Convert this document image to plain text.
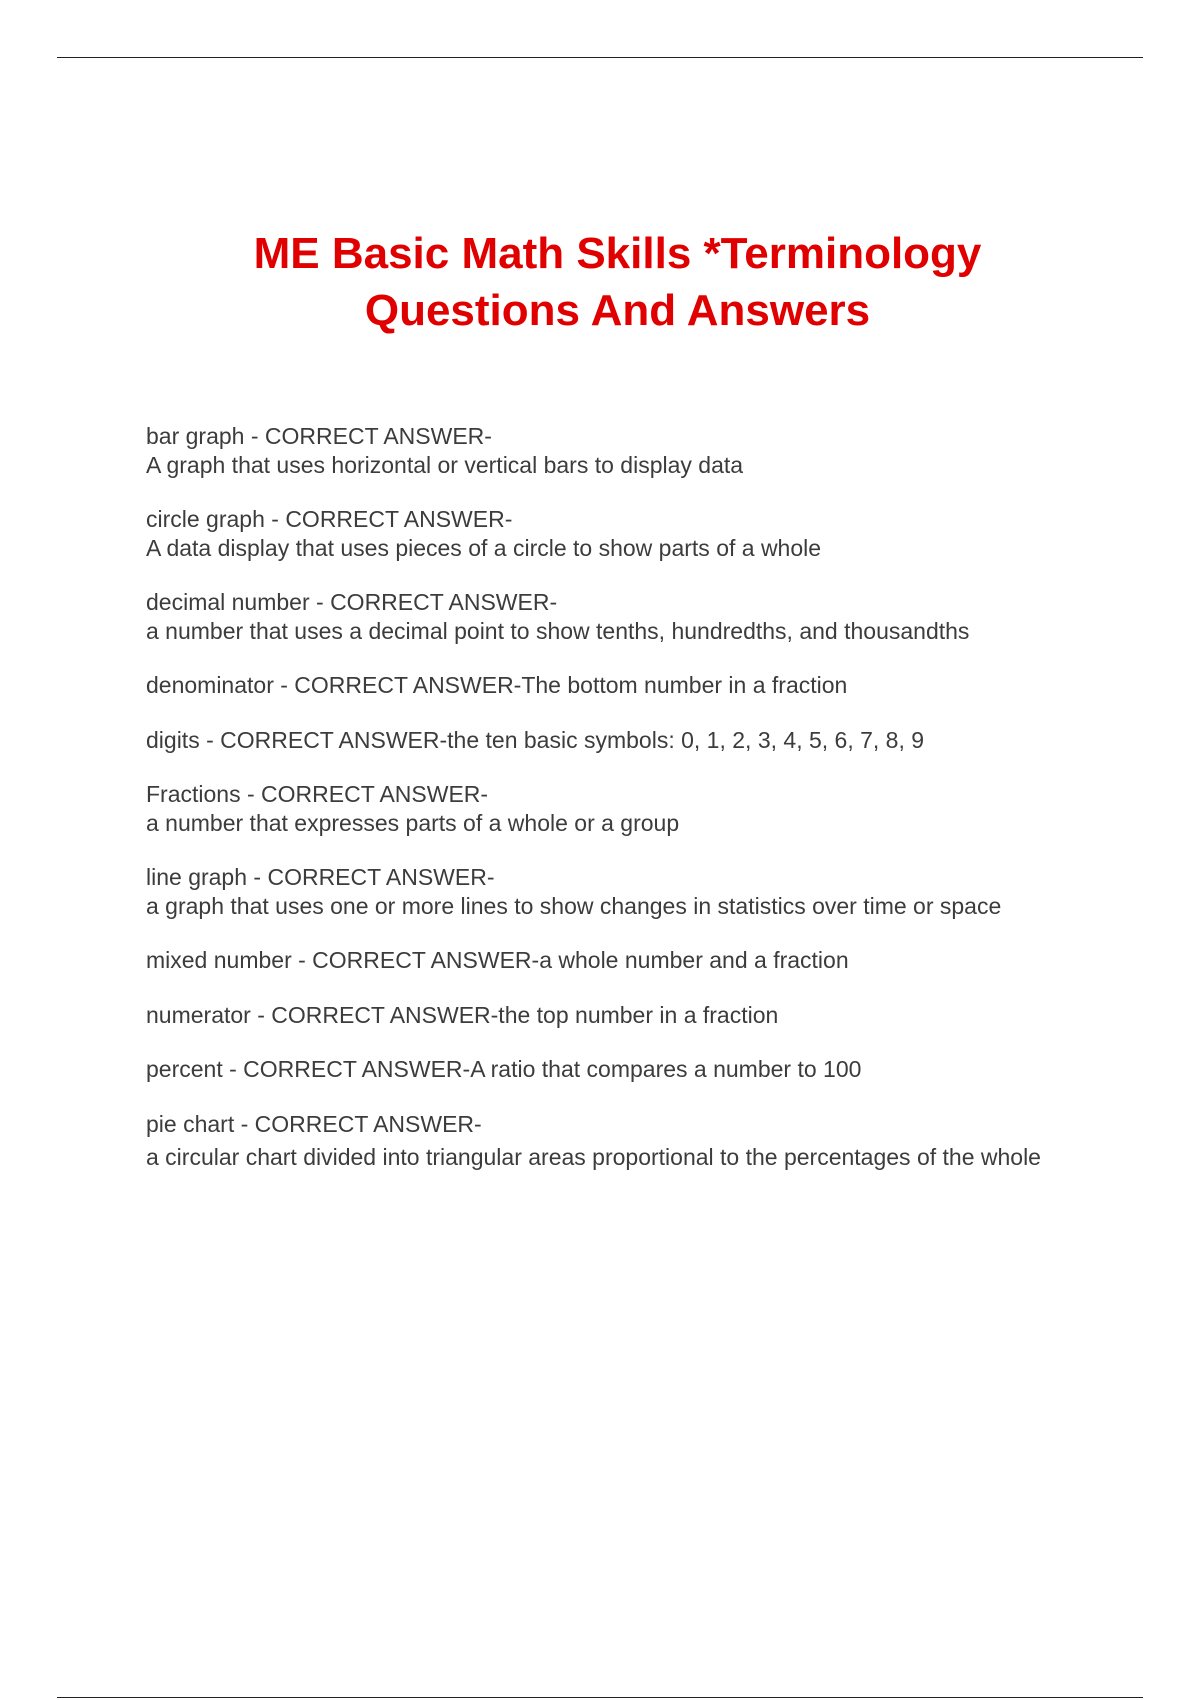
ME Basic Math Skills *Terminology
Questions And Answers
bar graph - CORRECT ANSWER-
A graph that uses horizontal or vertical bars to display data
circle graph - CORRECT ANSWER-
A data display that uses pieces of a circle to show parts of a whole
decimal number - CORRECT ANSWER-
a number that uses a decimal point to show tenths, hundredths, and thousandths
denominator - CORRECT ANSWER-The bottom number in a fraction
digits - CORRECT ANSWER-the ten basic symbols: 0, 1, 2, 3, 4, 5, 6, 7, 8, 9
Fractions - CORRECT ANSWER-
a number that expresses parts of a whole or a group
line graph - CORRECT ANSWER-
a graph that uses one or more lines to show changes in statistics over time or space
mixed number - CORRECT ANSWER-a whole number and a fraction
numerator - CORRECT ANSWER-the top number in a fraction
percent - CORRECT ANSWER-A ratio that compares a number to 100
pie chart - CORRECT ANSWER-
a circular chart divided into triangular areas proportional to the percentages of the whole
